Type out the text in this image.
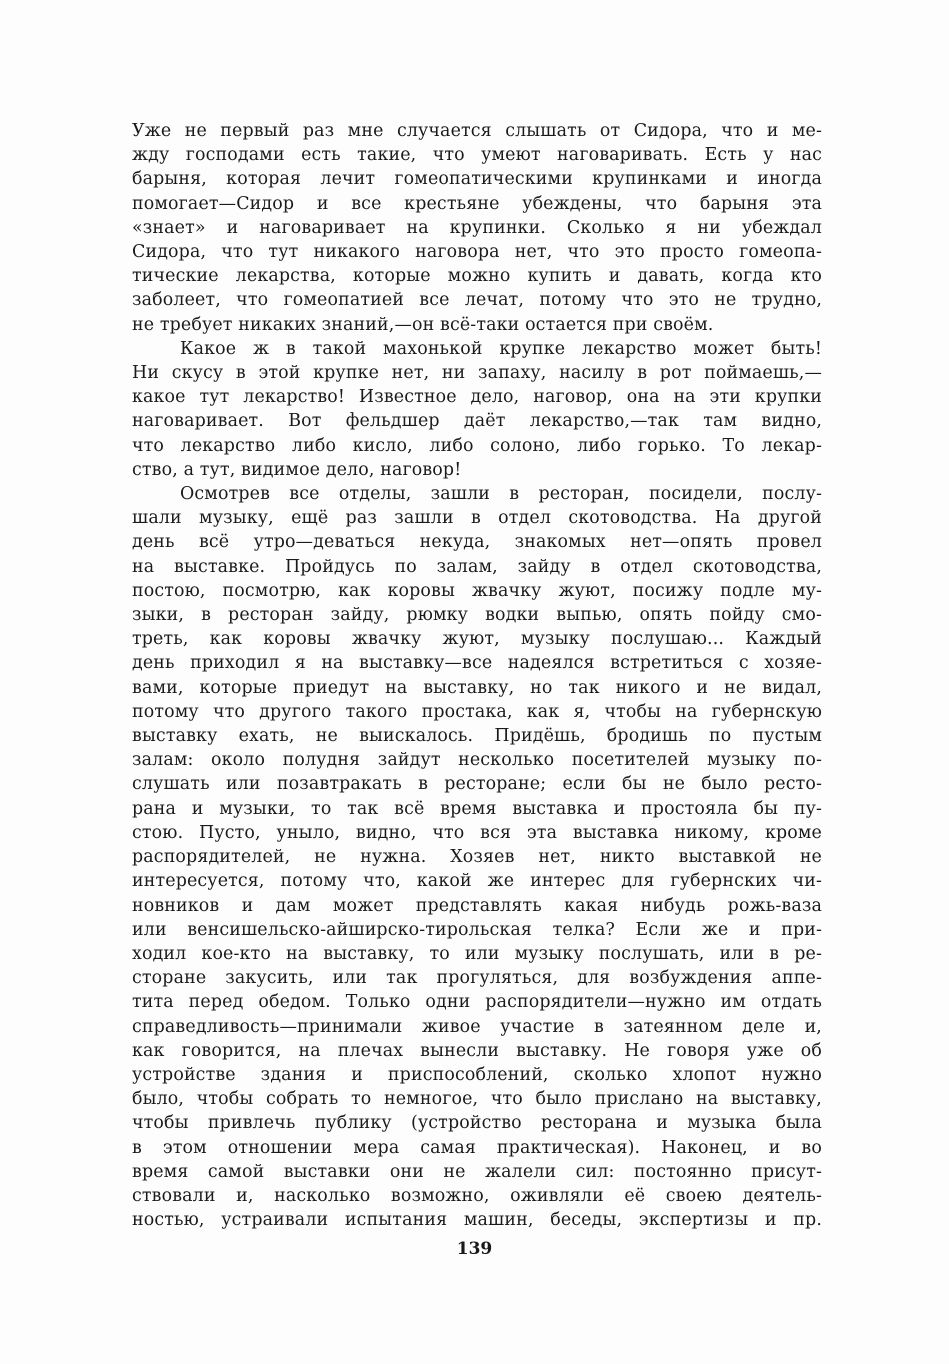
Уже не первый раз мне случается слышать от Сидора, что и ме-
жду господами есть такие, что умеют наговаривать. Есть у нас
барыня, которая лечит гомеопатическими крупинками и иногда
помогает—Сидор и все крестьяне убеждены, что барыня эта
«знает» и наговаривает на крупинки. Сколько я ни убеждал
Сидора, что тут никакого наговора нет, что это просто гомеопа-
тические лекарства, которые можно купить и давать, когда кто
заболеет, что гомеопатией все лечат, потому что это не трудно,
не требует никаких знаний,—он всё-таки остается при своём.
Какое ж в такой махонькой крупке лекарство может быть!
Ни скусу в этой крупке нет, ни запаху, насилу в рот поймаешь,—
какое тут лекарство! Известное дело, наговор, она на эти крупки
наговаривает. Вот фельдшер даёт лекарство,—так там видно,
что лекарство либо кисло, либо солоно, либо горько. То лекар-
ство, а тут, видимое дело, наговор!
Осмотрев все отделы, зашли в ресторан, посидели, послу-
шали музыку, ещё раз зашли в отдел скотоводства. На другой
день всё утро—деваться некуда, знакомых нет—опять провел
на выставке. Пройдусь по залам, зайду в отдел скотоводства,
постою, посмотрю, как коровы жвачку жуют, посижу подле му-
зыки, в ресторан зайду, рюмку водки выпью, опять пойду смо-
треть, как коровы жвачку жуют, музыку послушаю... Каждый
день приходил я на выставку—все надеялся встретиться с хозяе-
вами, которые приедут на выставку, но так никого и не видал,
потому что другого такого простака, как я, чтобы на губернскую
выставку ехать, не выискалось. Придёшь, бродишь по пустым
залам: около полудня зайдут несколько посетителей музыку по-
слушать или позавтракать в ресторане; если бы не было ресто-
рана и музыки, то так всё время выставка и простояла бы пу-
стою. Пусто, уныло, видно, что вся эта выставка никому, кроме
распорядителей, не нужна. Хозяев нет, никто выставкой не
интересуется, потому что, какой же интерес для губернских чи-
новников и дам может представлять какая нибудь рожь-ваза
или венсишельско-айширско-тирольская телка? Если же и при-
ходил кое-кто на выставку, то или музыку послушать, или в ре-
сторане закусить, или так прогуляться, для возбуждения аппе-
тита перед обедом. Только одни распорядители—нужно им отдать
справедливость—принимали живое участие в затеянном деле и,
как говорится, на плечах вынесли выставку. Не говоря уже об
устройстве здания и приспособлений, сколько хлопот нужно
было, чтобы собрать то немногое, что было прислано на выставку,
чтобы привлечь публику (устройство ресторана и музыка была
в этом отношении мера самая практическая). Наконец, и во
время самой выставки они не жалели сил: постоянно присут-
ствовали и, насколько возможно, оживляли её своею деятель-
ностью, устраивали испытания машин, беседы, экспертизы и пр.
139
